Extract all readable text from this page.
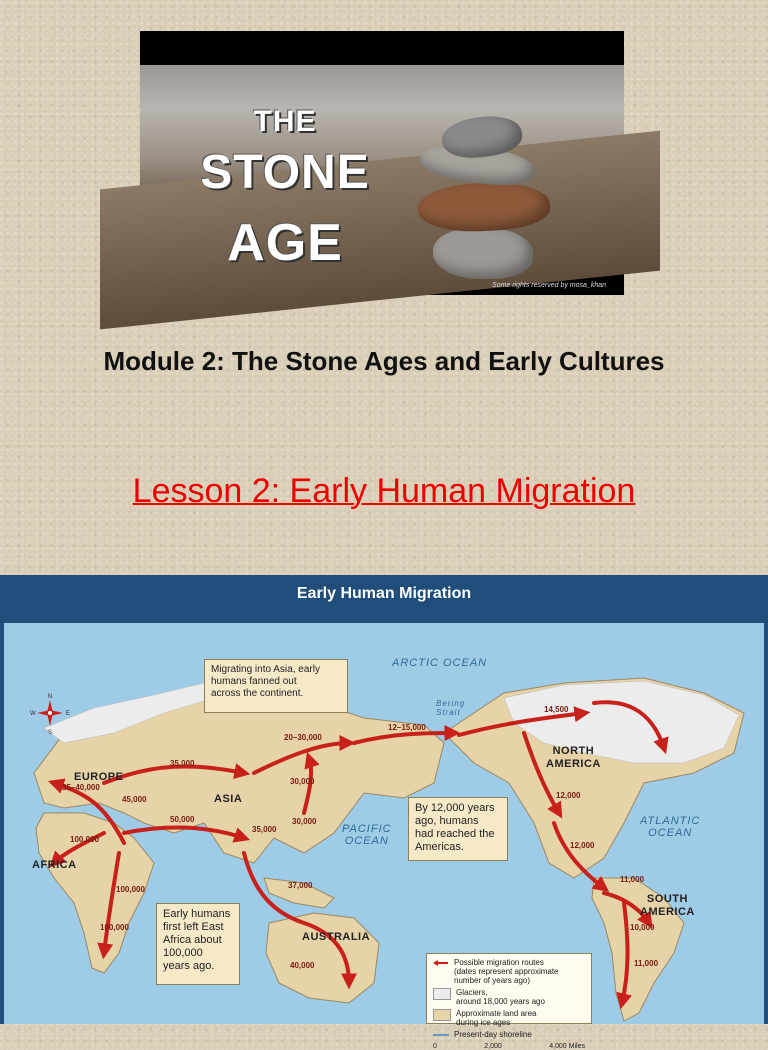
THE
STONE
AGE
Some rights reserved by mosa_khan
Module 2: The Stone Ages and Early Cultures
Lesson 2: Early Human Migration
Early Human Migration
ARCTIC OCEAN
PACIFIC
OCEAN
ATLANTIC
OCEAN
Bering
Strait
EUROPE
ASIA
AFRICA
AUSTRALIA
NORTH
AMERICA
SOUTH
AMERICA
35,000
35–40,000
45,000
50,000
100,000
100,000
100,000
20–30,000
30,000
30,000
35,000
12–15,000
14,500
12,000
12,000
11,000
11,000
10,000
37,000
40,000
N
S
W	E
Migrating into Asia, early
humans fanned out
across the continent.
By 12,000 years
ago, humans
had reached the
Americas.
Early humans
first left East
Africa about
100,000
years ago.	Possible migration routes
(dates represent approximate
number of years ago)
Glaciers,
around 18,000 years ago
Approximate land area
during ice ages
Present-day shoreline
0	2,000	4,000 Miles
